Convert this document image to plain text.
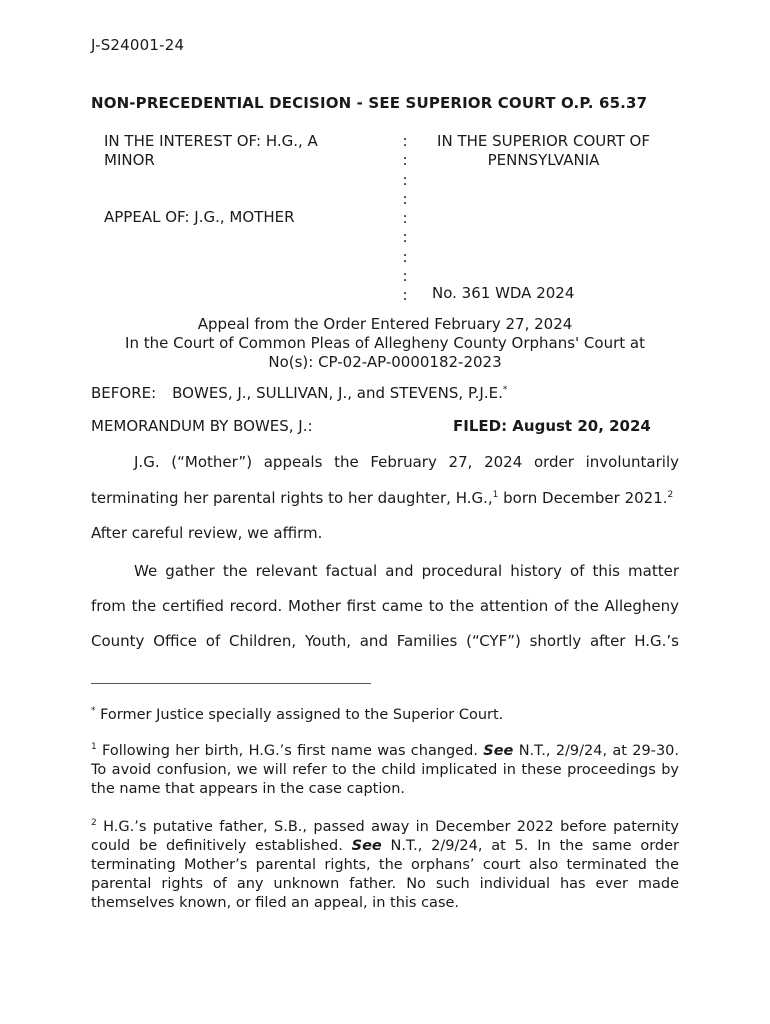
J-S24001-24
NON-PRECEDENTIAL DECISION - SEE SUPERIOR COURT O.P. 65.37
IN THE INTEREST OF: H.G., A
MINOR
APPEAL OF: J.G., MOTHER
:
:
:
:
:
:
:
:
:
IN THE SUPERIOR COURT OF
PENNSYLVANIA
No. 361 WDA 2024
Appeal from the Order Entered February 27, 2024
In the Court of Common Pleas of Allegheny County Orphans' Court at
No(s): CP-02-AP-0000182-2023
BEFORE: BOWES, J., SULLIVAN, J., and STEVENS, P.J.E.*
MEMORANDUM BY BOWES, J.:	FILED: August 20, 2024
J.G. (“Mother”) appeals the February 27, 2024 order involuntarily
terminating her parental rights to her daughter, H.G.,$^1$ born December 2021.$^2$
After careful review, we affirm.
We gather the relevant factual and procedural history of this matter
from the certified record. Mother first came to the attention of the Allegheny
County Office of Children, Youth, and Families (“CYF”) shortly after H.G.’s
* Former Justice specially assigned to the Superior Court.
$^1$ Following her birth, H.G.’s first name was changed. See N.T., 2/9/24, at 29-30. To avoid confusion, we will refer to the child implicated in these proceedings by the name that appears in the case caption.
$^2$ H.G.’s putative father, S.B., passed away in December 2022 before paternity could be definitively established. See N.T., 2/9/24, at 5. In the same order terminating Mother’s parental rights, the orphans’ court also terminated the parental rights of any unknown father. No such individual has ever made themselves known, or filed an appeal, in this case.
